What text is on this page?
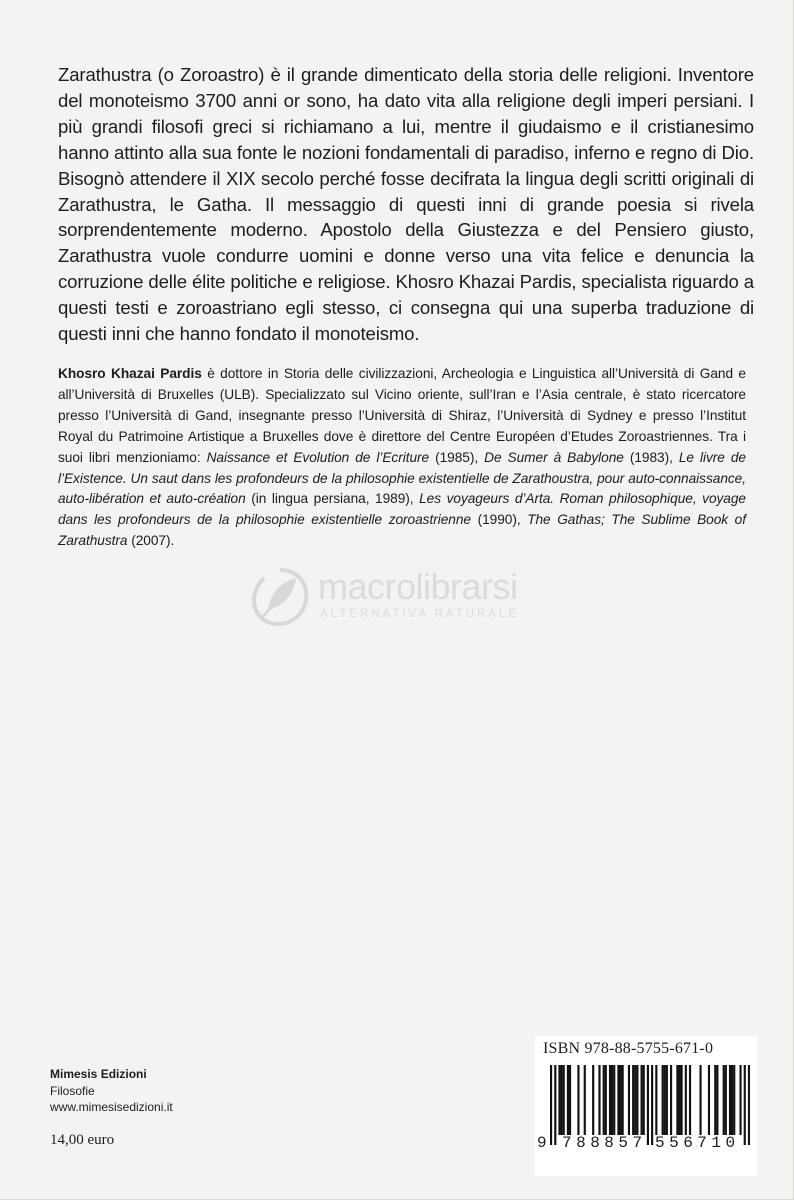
Zarathustra (o Zoroastro) è il grande dimenticato della storia delle religioni. Inventore del monoteismo 3700 anni or sono, ha dato vita alla religione degli imperi persiani. I più grandi filosofi greci si richiamano a lui, mentre il giudaismo e il cristianesimo hanno attinto alla sua fonte le nozioni fondamentali di paradiso, inferno e regno di Dio. Bisognò attendere il XIX secolo perché fosse decifrata la lingua degli scritti originali di Zarathustra, le Gatha. Il messaggio di questi inni di grande poesia si rivela sorprendentemente moderno. Apostolo della Giustezza e del Pensiero giusto, Zarathustra vuole condurre uomini e donne verso una vita felice e denuncia la corruzione delle élite politiche e religiose. Khosro Khazai Pardis, specialista riguardo a questi testi e zoroastriano egli stesso, ci consegna qui una superba traduzione di questi inni che hanno fondato il monoteismo.

Khosro Khazai Pardis è dottore in Storia delle civilizzazioni, Archeologia e Linguistica all’Università di Gand e all’Università di Bruxelles (ULB). Specializzato sul Vicino oriente, sull’Iran e l’Asia centrale, è stato ricercatore presso l’Università di Gand, insegnante presso l’Università di Shiraz, l’Università di Sydney e presso l’Institut Royal du Patrimoine Artistique a Bruxelles dove è direttore del Centre Européen d’Etudes Zoroastriennes. Tra i suoi libri menzioniamo: Naissance et Evolution de l’Ecriture (1985), De Sumer à Babylone (1983), Le livre de l’Existence. Un saut dans les profondeurs de la philosophie existentielle de Zarathoustra, pour auto-connaissance, auto-libération et auto-création (in lingua persiana, 1989), Les voyageurs d’Arta. Roman philosophique, voyage dans les profondeurs de la philosophie existentielle zoroastrienne (1990), The Gathas; The Sublime Book of Zarathustra (2007).

macrolibrarsi
ALTERNATIVA NATURALE
Mimesis Edizioni
Filosofie
www.mimesisedizioni.it
14,00 euro
ISBN 978-88-5755-671-0
9 788857 556710
